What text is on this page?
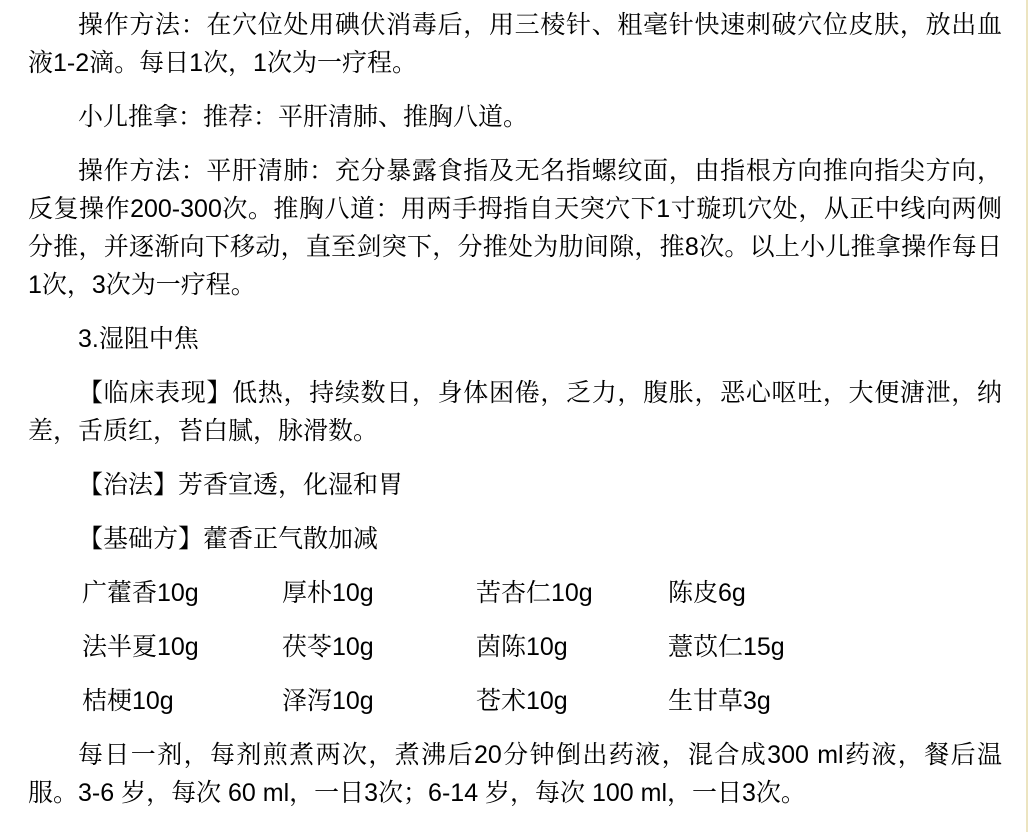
操作方法：在穴位处用碘伏消毒后，用三棱针、粗毫针快速刺破穴位皮肤，放出血液1-2滴。每日1次，1次为一疗程。

小儿推拿：推荐：平肝清肺、推胸八道。

操作方法：平肝清肺：充分暴露食指及无名指螺纹面，由指根方向推向指尖方向，反复操作200-300次。推胸八道：用两手拇指自天突穴下1寸璇玑穴处，从正中线向两侧分推，并逐渐向下移动，直至剑突下，分推处为肋间隙，推8次。以上小儿推拿操作每日1次，3次为一疗程。

3.湿阻中焦

【临床表现】低热，持续数日，身体困倦，乏力，腹胀，恶心呕吐，大便溏泄，纳差，舌质红，苔白腻，脉滑数。

【治法】芳香宣透，化湿和胃

【基础方】藿香正气散加减

广藿香10g	厚朴10g	苦杏仁10g	陈皮6g
法半夏10g	茯苓10g	茵陈10g	薏苡仁15g
桔梗10g	泽泻10g	苍术10g	生甘草3g

每日一剂，每剂煎煮两次，煮沸后20分钟倒出药液，混合成300 ml药液，餐后温服。3-6 岁，每次 60 ml，一日3次；6-14 岁，每次 100 ml，一日3次。
